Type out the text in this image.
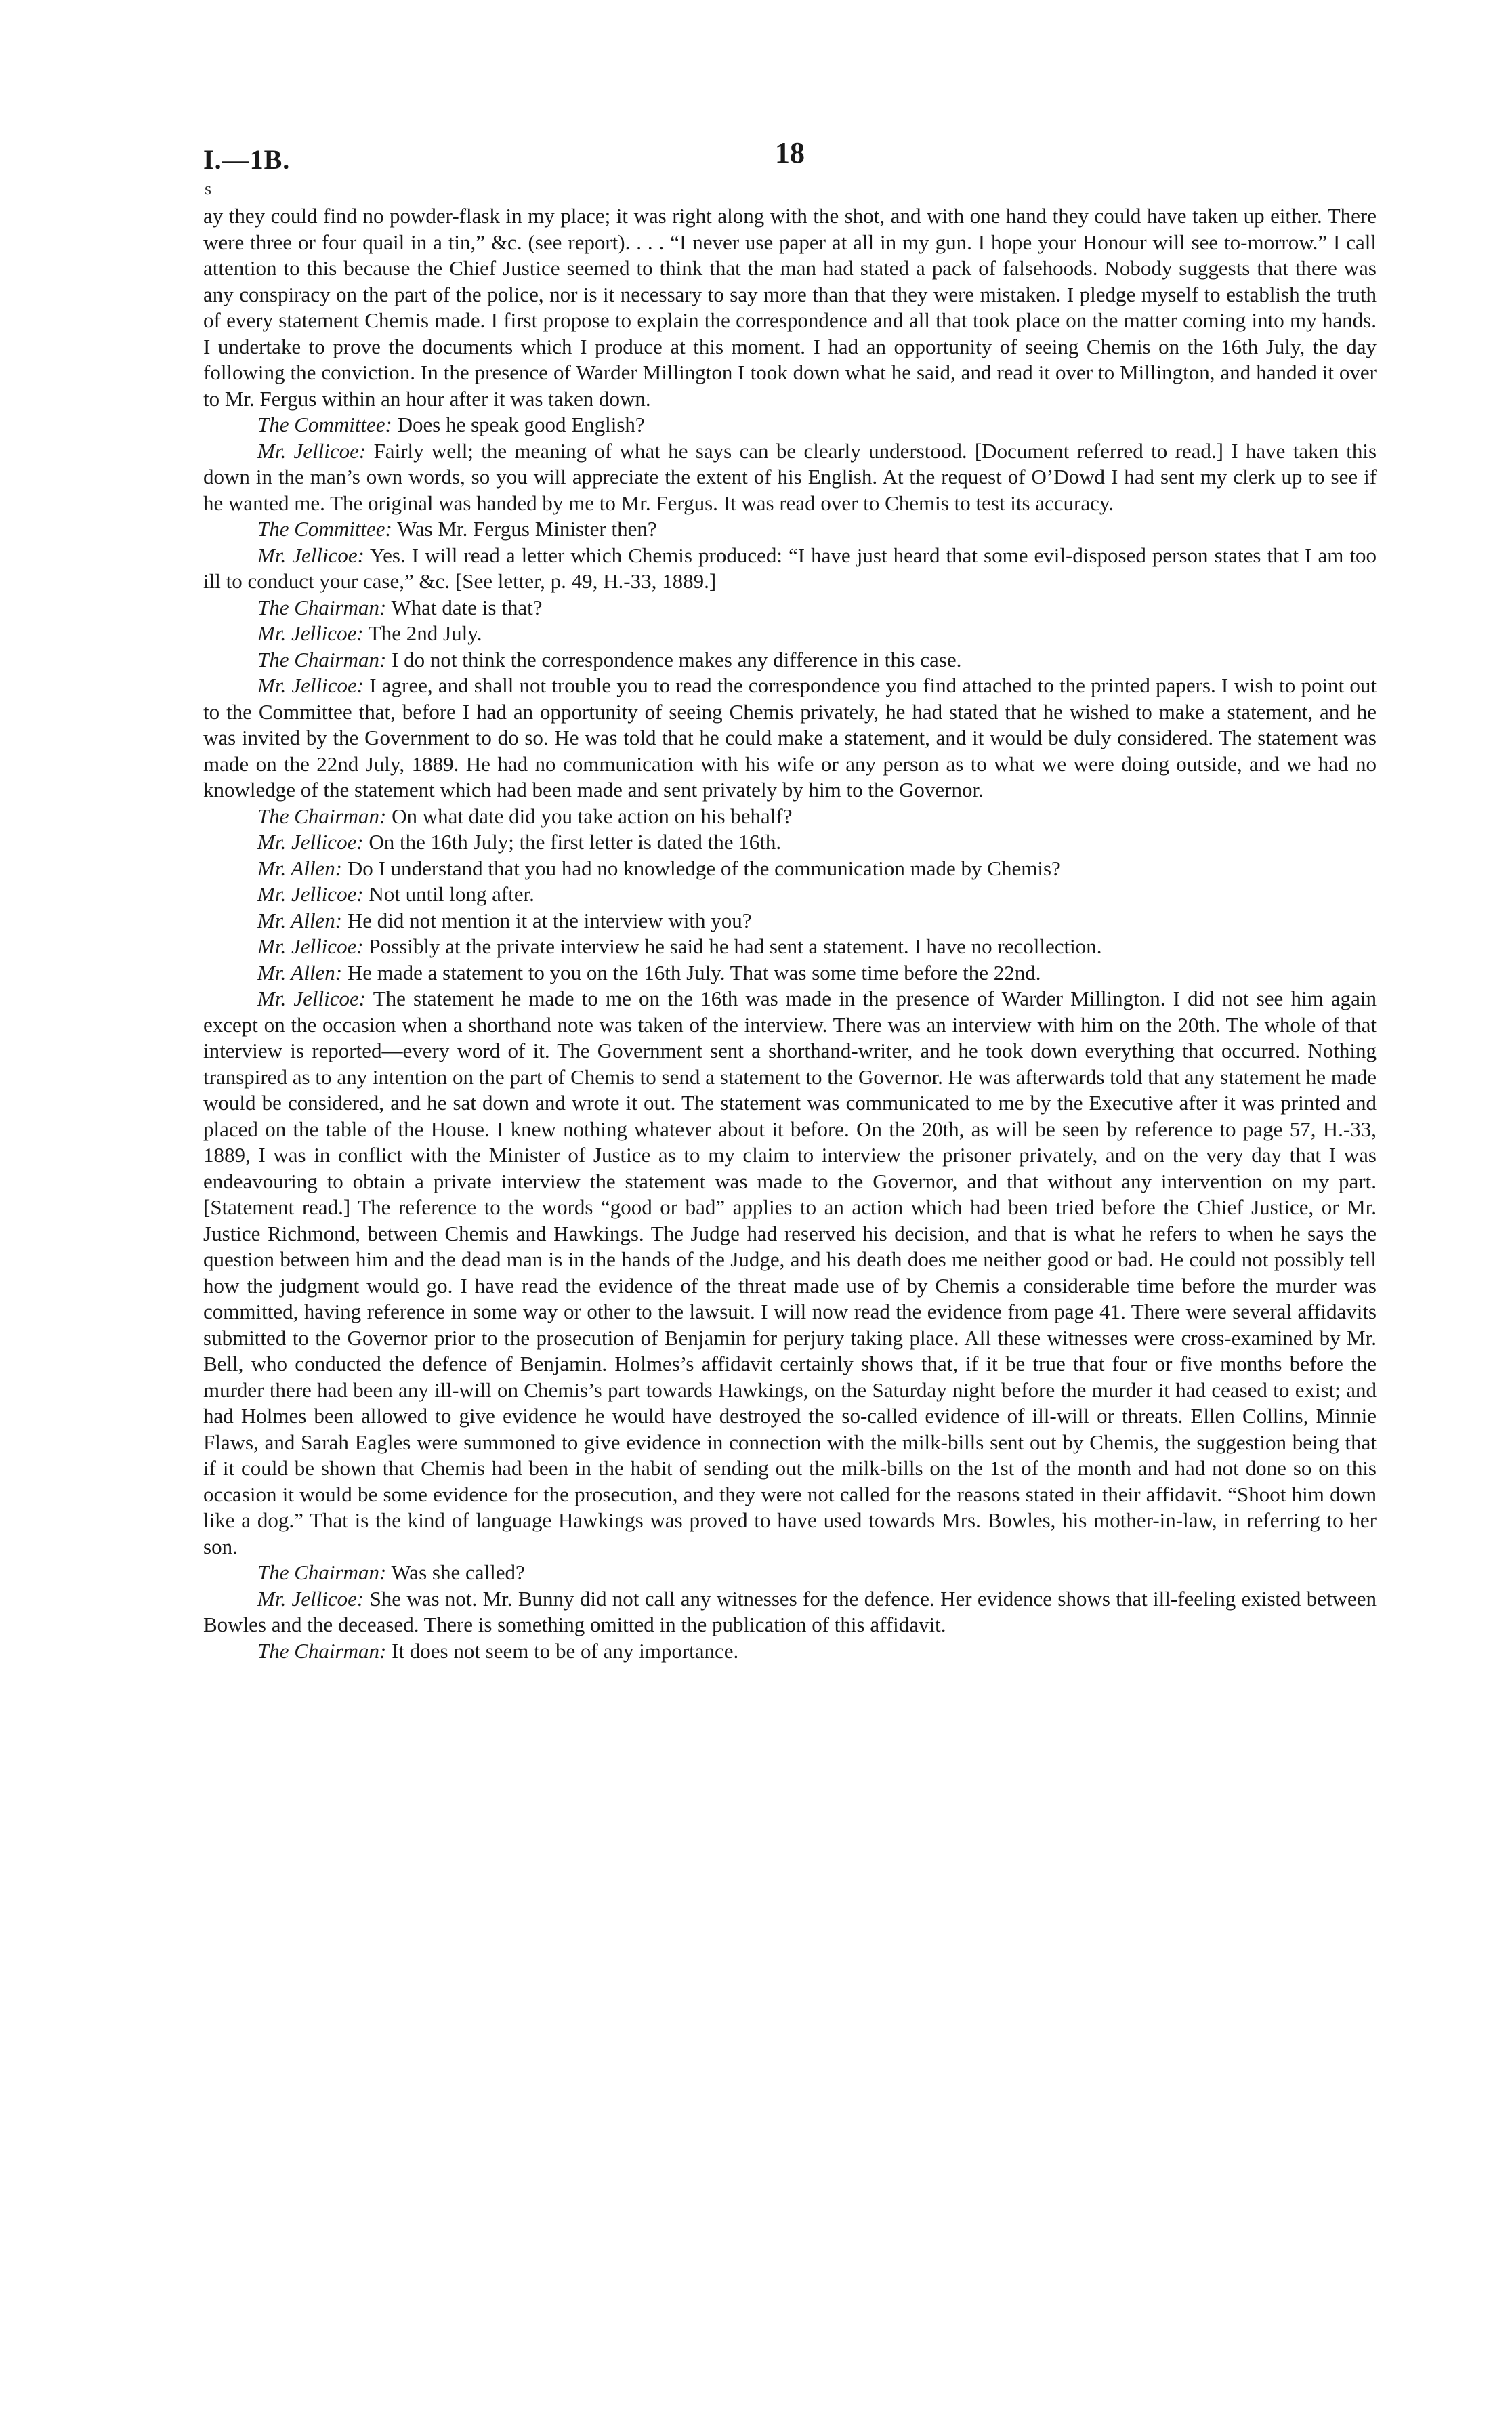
I.—1B.	18
s

ay they could find no powder-flask in my place; it was right along with the shot, and with one hand they could have taken up either. There were three or four quail in a tin,” &c. (see report). . . . “I never use paper at all in my gun. I hope your Honour will see to-morrow.” I call attention to this because the Chief Justice seemed to think that the man had stated a pack of falsehoods. Nobody suggests that there was any conspiracy on the part of the police, nor is it necessary to say more than that they were mistaken. I pledge myself to establish the truth of every statement Chemis made. I first propose to explain the correspondence and all that took place on the matter coming into my hands. I undertake to prove the documents which I produce at this moment. I had an opportunity of seeing Chemis on the 16th July, the day following the conviction. In the presence of Warder Millington I took down what he said, and read it over to Millington, and handed it over to Mr. Fergus within an hour after it was taken down.

The Committee: Does he speak good English?

Mr. Jellicoe: Fairly well; the meaning of what he says can be clearly understood. [Document referred to read.] I have taken this down in the man’s own words, so you will appreciate the extent of his English. At the request of O’Dowd I had sent my clerk up to see if he wanted me. The original was handed by me to Mr. Fergus. It was read over to Chemis to test its accuracy.

The Committee: Was Mr. Fergus Minister then?

Mr. Jellicoe: Yes. I will read a letter which Chemis produced: “I have just heard that some evil-disposed person states that I am too ill to conduct your case,” &c. [See letter, p. 49, H.-33, 1889.]

The Chairman: What date is that?

Mr. Jellicoe: The 2nd July.

The Chairman: I do not think the correspondence makes any difference in this case.

Mr. Jellicoe: I agree, and shall not trouble you to read the correspondence you find attached to the printed papers. I wish to point out to the Committee that, before I had an opportunity of seeing Chemis privately, he had stated that he wished to make a statement, and he was invited by the Government to do so. He was told that he could make a statement, and it would be duly considered. The statement was made on the 22nd July, 1889. He had no communication with his wife or any person as to what we were doing outside, and we had no knowledge of the statement which had been made and sent privately by him to the Governor.

The Chairman: On what date did you take action on his behalf?

Mr. Jellicoe: On the 16th July; the first letter is dated the 16th.

Mr. Allen: Do I understand that you had no knowledge of the communication made by Chemis?

Mr. Jellicoe: Not until long after.

Mr. Allen: He did not mention it at the interview with you?

Mr. Jellicoe: Possibly at the private interview he said he had sent a statement. I have no recollection.

Mr. Allen: He made a statement to you on the 16th July. That was some time before the 22nd.

Mr. Jellicoe: The statement he made to me on the 16th was made in the presence of Warder Millington. I did not see him again except on the occasion when a shorthand note was taken of the interview. There was an interview with him on the 20th. The whole of that interview is reported—every word of it. The Government sent a shorthand-writer, and he took down everything that occurred. Nothing transpired as to any intention on the part of Chemis to send a statement to the Governor. He was afterwards told that any statement he made would be considered, and he sat down and wrote it out. The statement was communicated to me by the Executive after it was printed and placed on the table of the House. I knew nothing whatever about it before. On the 20th, as will be seen by reference to page 57, H.-33, 1889, I was in conflict with the Minister of Justice as to my claim to interview the prisoner privately, and on the very day that I was endeavouring to obtain a private interview the statement was made to the Governor, and that without any intervention on my part. [Statement read.] The reference to the words “good or bad” applies to an action which had been tried before the Chief Justice, or Mr. Justice Richmond, between Chemis and Hawkings. The Judge had reserved his decision, and that is what he refers to when he says the question between him and the dead man is in the hands of the Judge, and his death does me neither good or bad. He could not possibly tell how the judgment would go. I have read the evidence of the threat made use of by Chemis a considerable time before the murder was committed, having reference in some way or other to the lawsuit. I will now read the evidence from page 41. There were several affidavits submitted to the Governor prior to the prosecution of Benjamin for perjury taking place. All these witnesses were cross-examined by Mr. Bell, who conducted the defence of Benjamin. Holmes’s affidavit certainly shows that, if it be true that four or five months before the murder there had been any ill-will on Chemis’s part towards Hawkings, on the Saturday night before the murder it had ceased to exist; and had Holmes been allowed to give evidence he would have destroyed the so-called evidence of ill-will or threats. Ellen Collins, Minnie Flaws, and Sarah Eagles were summoned to give evidence in connection with the milk-bills sent out by Chemis, the suggestion being that if it could be shown that Chemis had been in the habit of sending out the milk-bills on the 1st of the month and had not done so on this occasion it would be some evidence for the prosecution, and they were not called for the reasons stated in their affidavit. “Shoot him down like a dog.” That is the kind of language Hawkings was proved to have used towards Mrs. Bowles, his mother-in-law, in referring to her son.

The Chairman: Was she called?

Mr. Jellicoe: She was not. Mr. Bunny did not call any witnesses for the defence. Her evidence shows that ill-feeling existed between Bowles and the deceased. There is something omitted in the publication of this affidavit.

The Chairman: It does not seem to be of any importance.
